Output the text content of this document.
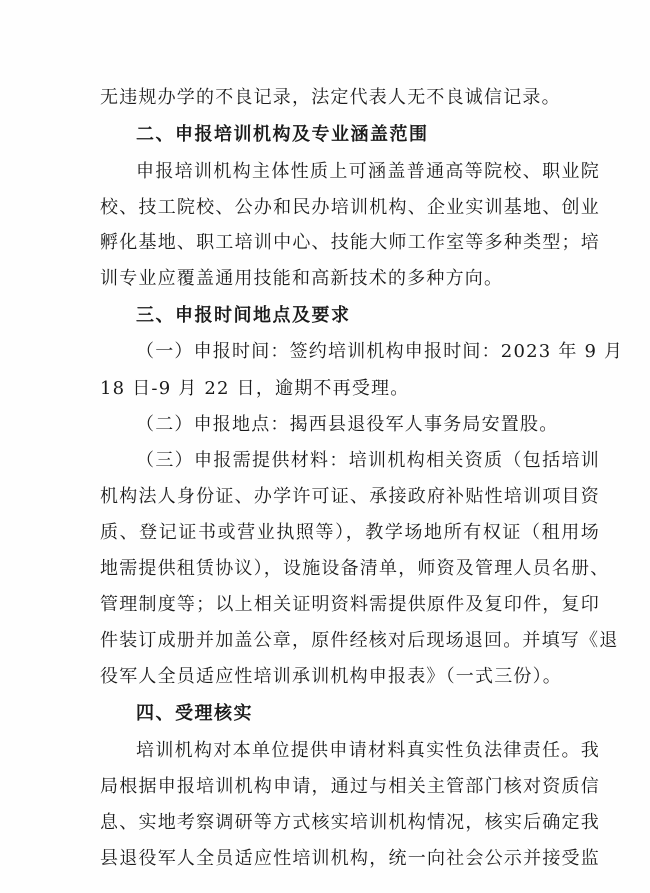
无违规办学的不良记录，法定代表人无不良诚信记录。
二、申报培训机构及专业涵盖范围
申报培训机构主体性质上可涵盖普通高等院校、职业院
校、技工院校、公办和民办培训机构、企业实训基地、创业
孵化基地、职工培训中心、技能大师工作室等多种类型；培
训专业应覆盖通用技能和高新技术的多种方向。
三、申报时间地点及要求
（一）申报时间：签约培训机构申报时间：2023 年 9 月
18 日-9 月 22 日，逾期不再受理。
（二）申报地点：揭西县退役军人事务局安置股。
（三）申报需提供材料：培训机构相关资质（包括培训
机构法人身份证、办学许可证、承接政府补贴性培训项目资
质、登记证书或营业执照等），教学场地所有权证（租用场
地需提供租赁协议），设施设备清单，师资及管理人员名册、
管理制度等；以上相关证明资料需提供原件及复印件，复印
件装订成册并加盖公章，原件经核对后现场退回。并填写《退
役军人全员适应性培训承训机构申报表》（一式三份）。
四、受理核实
培训机构对本单位提供申请材料真实性负法律责任。我
局根据申报培训机构申请，通过与相关主管部门核对资质信
息、实地考察调研等方式核实培训机构情况，核实后确定我
县退役军人全员适应性培训机构，统一向社会公示并接受监
